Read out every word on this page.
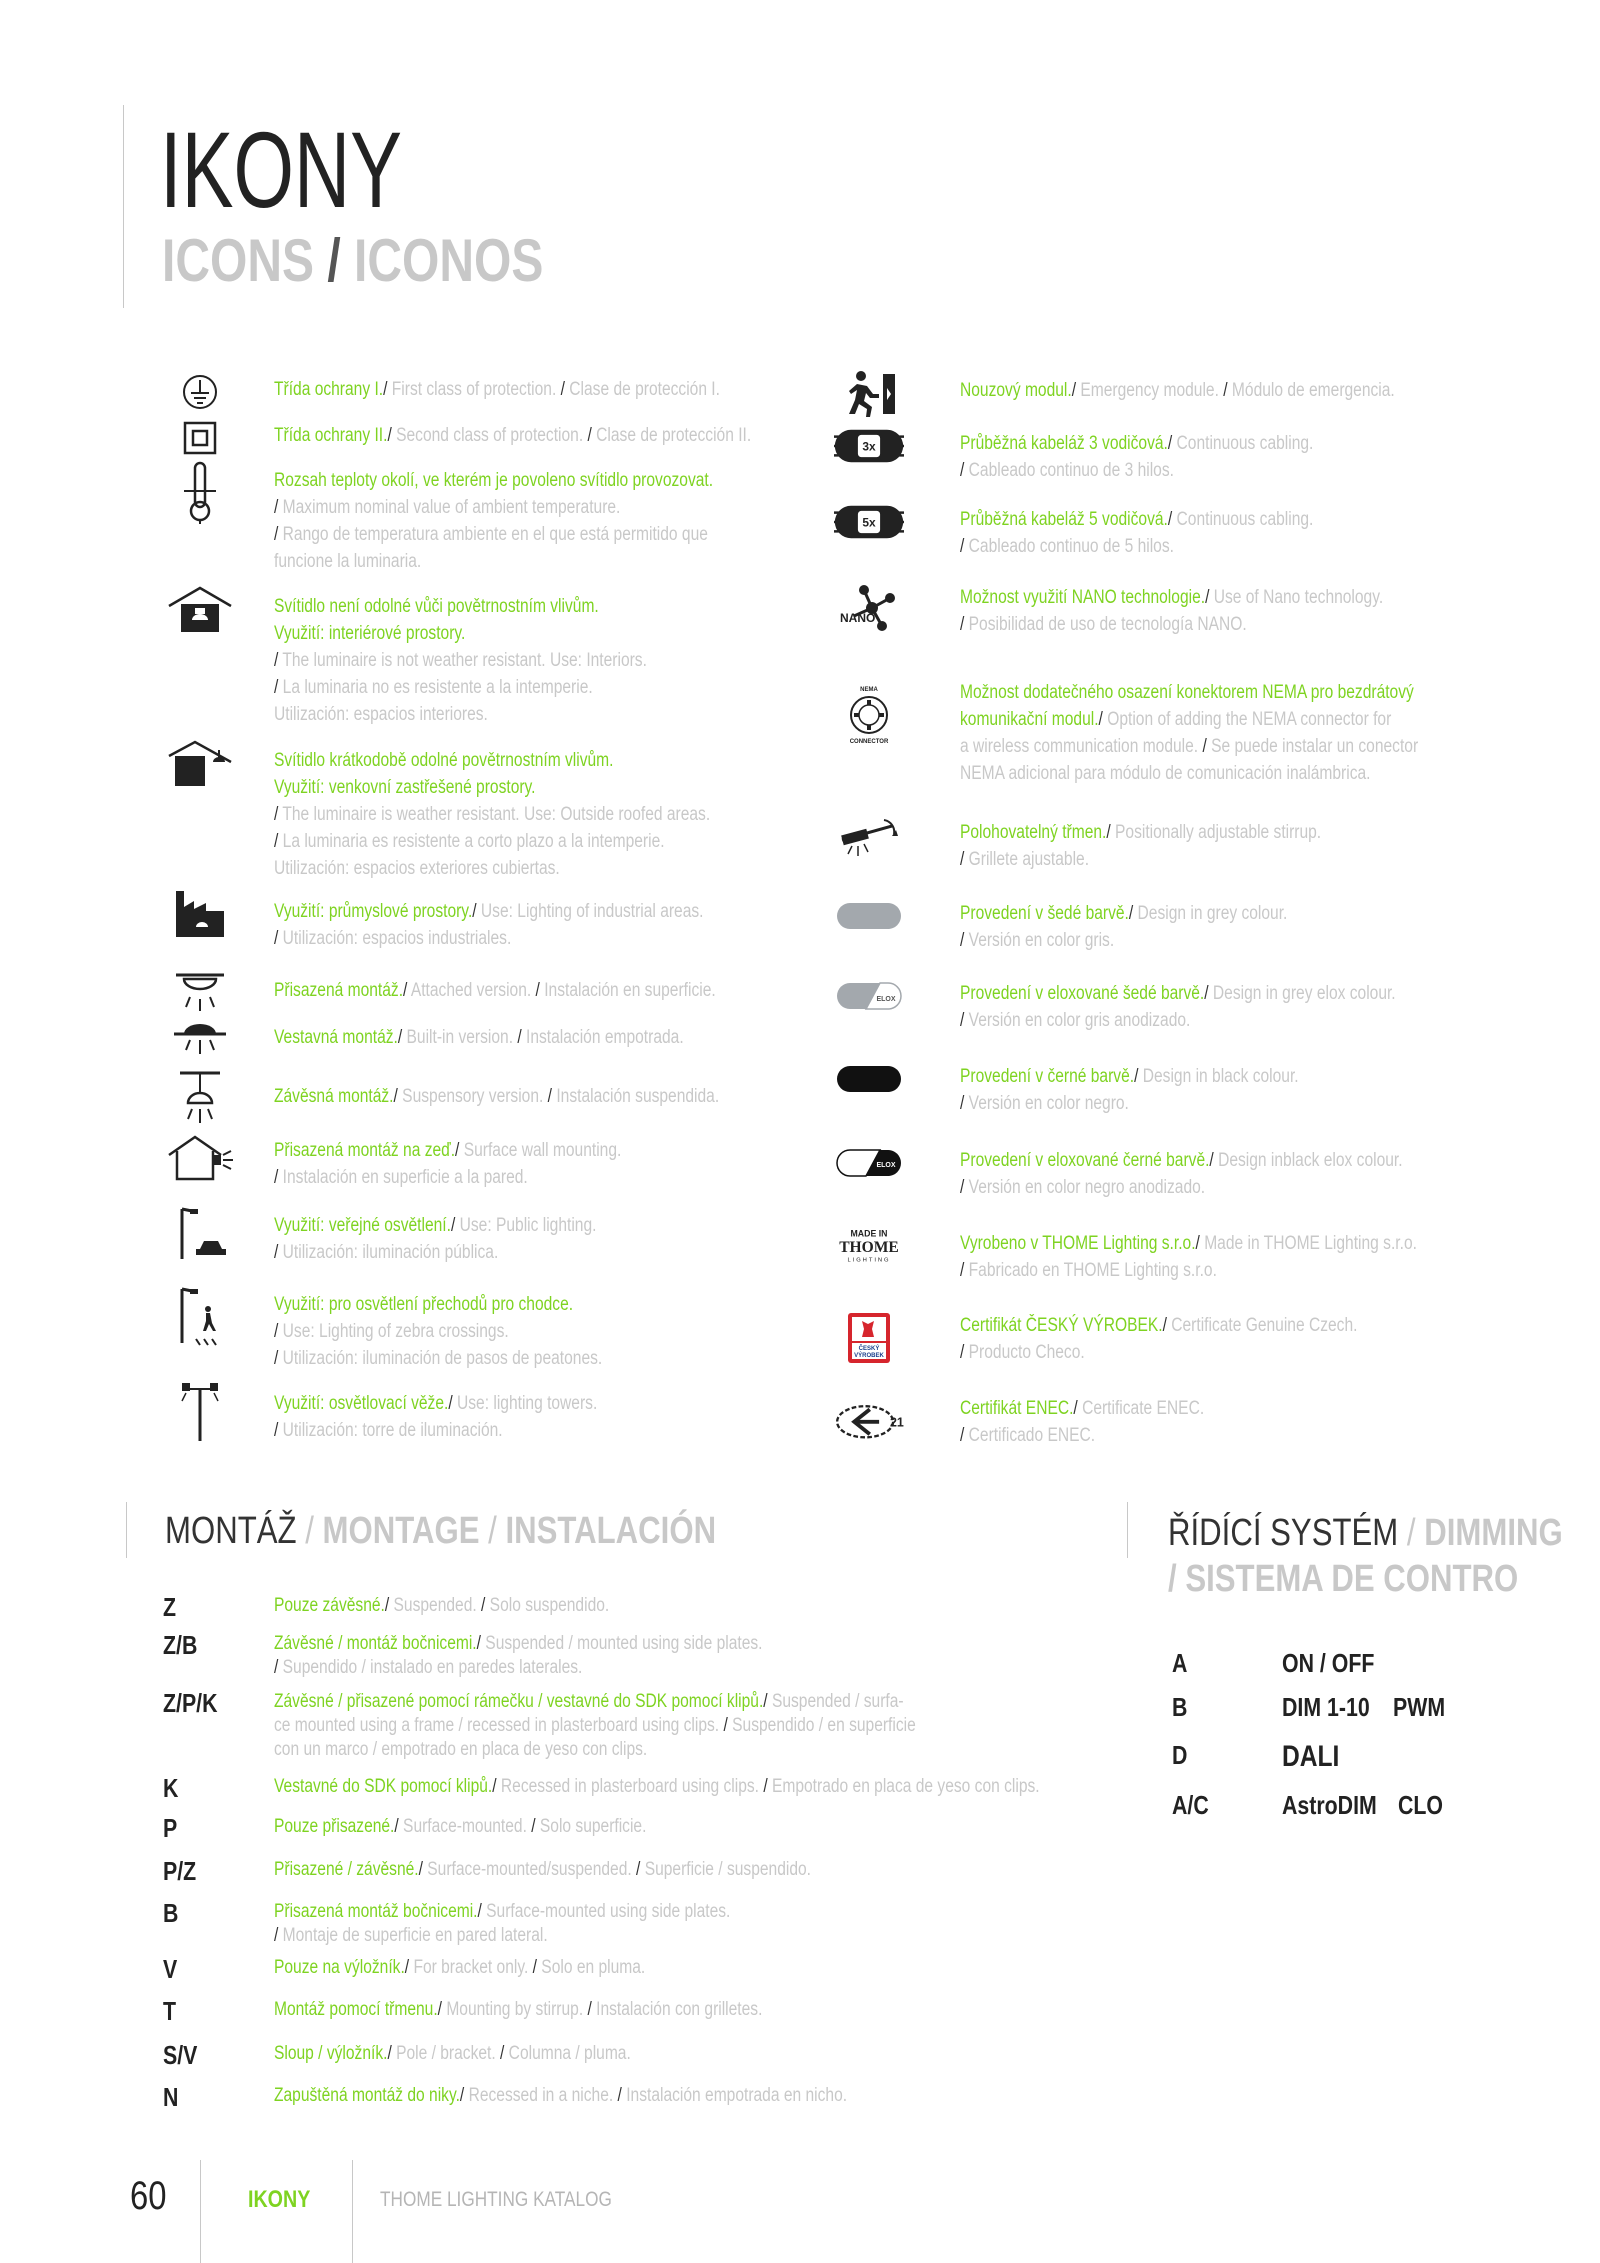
IKONY
ICONS / ICONOS
Třída ochrany I./ First class of protection. / Clase de protección I.
Třída ochrany II./ Second class of protection. / Clase de protección II.
Rozsah teploty okolí, ve kterém je povoleno svítidlo provozovat.
/ Maximum nominal value of ambient temperature.
/ Rango de temperatura ambiente en el que está permitido que
funcione la luminaria.
Svítidlo není odolné vůči povětrnostním vlivům.
Využití: interiérové prostory.
/ The luminaire is not weather resistant. Use: Interiors.
/ La luminaria no es resistente a la intemperie.
Utilización: espacios interiores.
Svítidlo krátkodobě odolné povětrnostním vlivům.
Využití: venkovní zastřešené prostory.
/ The luminaire is weather resistant. Use: Outside roofed areas.
/ La luminaria es resistente a corto plazo a la intemperie.
Utilización: espacios exteriores cubiertas.
Využití: průmyslové prostory./ Use: Lighting of industrial areas.
/ Utilización: espacios industriales.
Přisazená montáž./ Attached version. / Instalación en superficie.
Vestavná montáž./ Built-in version. / Instalación empotrada.
Závěsná montáž./ Suspensory version. / Instalación suspendida.
Přisazená montáž na zeď./ Surface wall mounting.
/ Instalación en superficie a la pared.
Využití: veřejné osvětlení./ Use: Public lighting.
/ Utilización: iluminación pública.
Využití: pro osvětlení přechodů pro chodce.
/ Use: Lighting of zebra crossings.
/ Utilización: iluminación de pasos de peatones.
Využití: osvětlovací věže./ Use: lighting towers.
/ Utilización: torre de iluminación.
Nouzový modul./ Emergency module. / Módulo de emergencia.
3x	Průběžná kabeláž 3 vodičová./ Continuous cabling.
/ Cableado continuo de 3 hilos.
5x	Průběžná kabeláž 5 vodičová./ Continuous cabling.
/ Cableado continuo de 5 hilos.
NANO
Možnost využití NANO technologie./ Use of Nano technology.
/ Posibilidad de uso de tecnología NANO.
NEMA
CONNECTOR
Možnost dodatečného osazení konektorem NEMA pro bezdrátový
komunikační modul./ Option of adding the NEMA connector for
a wireless communication module. / Se puede instalar un conector
NEMA adicional para módulo de comunicación inalámbrica.
Polohovatelný třmen./ Positionally adjustable stirrup.
/ Grillete ajustable.
Provedení v šedé barvě./ Design in grey colour.
/ Versión en color gris.
ELOX	Provedení v eloxované šedé barvě./ Design in grey elox colour.
/ Versión en color gris anodizado.
Provedení v černé barvě./ Design in black colour.
/ Versión en color negro.
ELOX	Provedení v eloxované černé barvě./ Design inblack elox colour.
/ Versión en color negro anodizado.
MADE IN
THOME
LIGHTING
Vyrobeno v THOME Lighting s.r.o./ Made in THOME Lighting s.r.o.
/ Fabricado en THOME Lighting s.r.o.
ČESKÝ
VÝROBEK
Certifikát ČESKÝ VÝROBEK./ Certificate Genuine Czech.
/ Producto Checo.
21
Certifikát ENEC./ Certificate ENEC.
/ Certificado ENEC.
MONTÁŽ / MONTAGE / INSTALACIÓN
Z	Pouze závěsné./ Suspended. / Solo suspendido.
Z/B	Závěsné / montáž bočnicemi./ Suspended / mounted using side plates.
/ Supendido / instalado en paredes laterales.
Z/P/K	Závěsné / přisazené pomocí rámečku / vestavné do SDK pomocí klipů./ Suspended / surfa-
ce mounted using a frame / recessed in plasterboard using clips. / Suspendido / en superficie
con un marco / empotrado en placa de yeso con clips.
K	Vestavné do SDK pomocí klipů./ Recessed in plasterboard using clips. / Empotrado en placa de yeso con clips.
P	Pouze přisazené./ Surface-mounted. / Solo superficie.
P/Z	Přisazené / závěsné./ Surface-mounted/suspended. / Superficie / suspendido.
B	Přisazená montáž bočnicemi./ Surface-mounted using side plates.
/ Montaje de superficie en pared lateral.
V	Pouze na výložník./ For bracket only. / Solo en pluma.
T	Montáž pomocí třmenu./ Mounting by stirrup. / Instalación con grilletes.
S/V	Sloup / výložník./ Pole / bracket. / Columna / pluma.
N	Zapuštěná montáž do niky./ Recessed in a niche. / Instalación empotrada en nicho.
ŘÍDÍCÍ SYSTÉM / DIMMING
/ SISTEMA DE CONTRO
A	ON / OFF
B	DIM 1-10 PWM
D	DALI
A/C	AstroDIM CLO
60	IKONY	THOME LIGHTING KATALOG
